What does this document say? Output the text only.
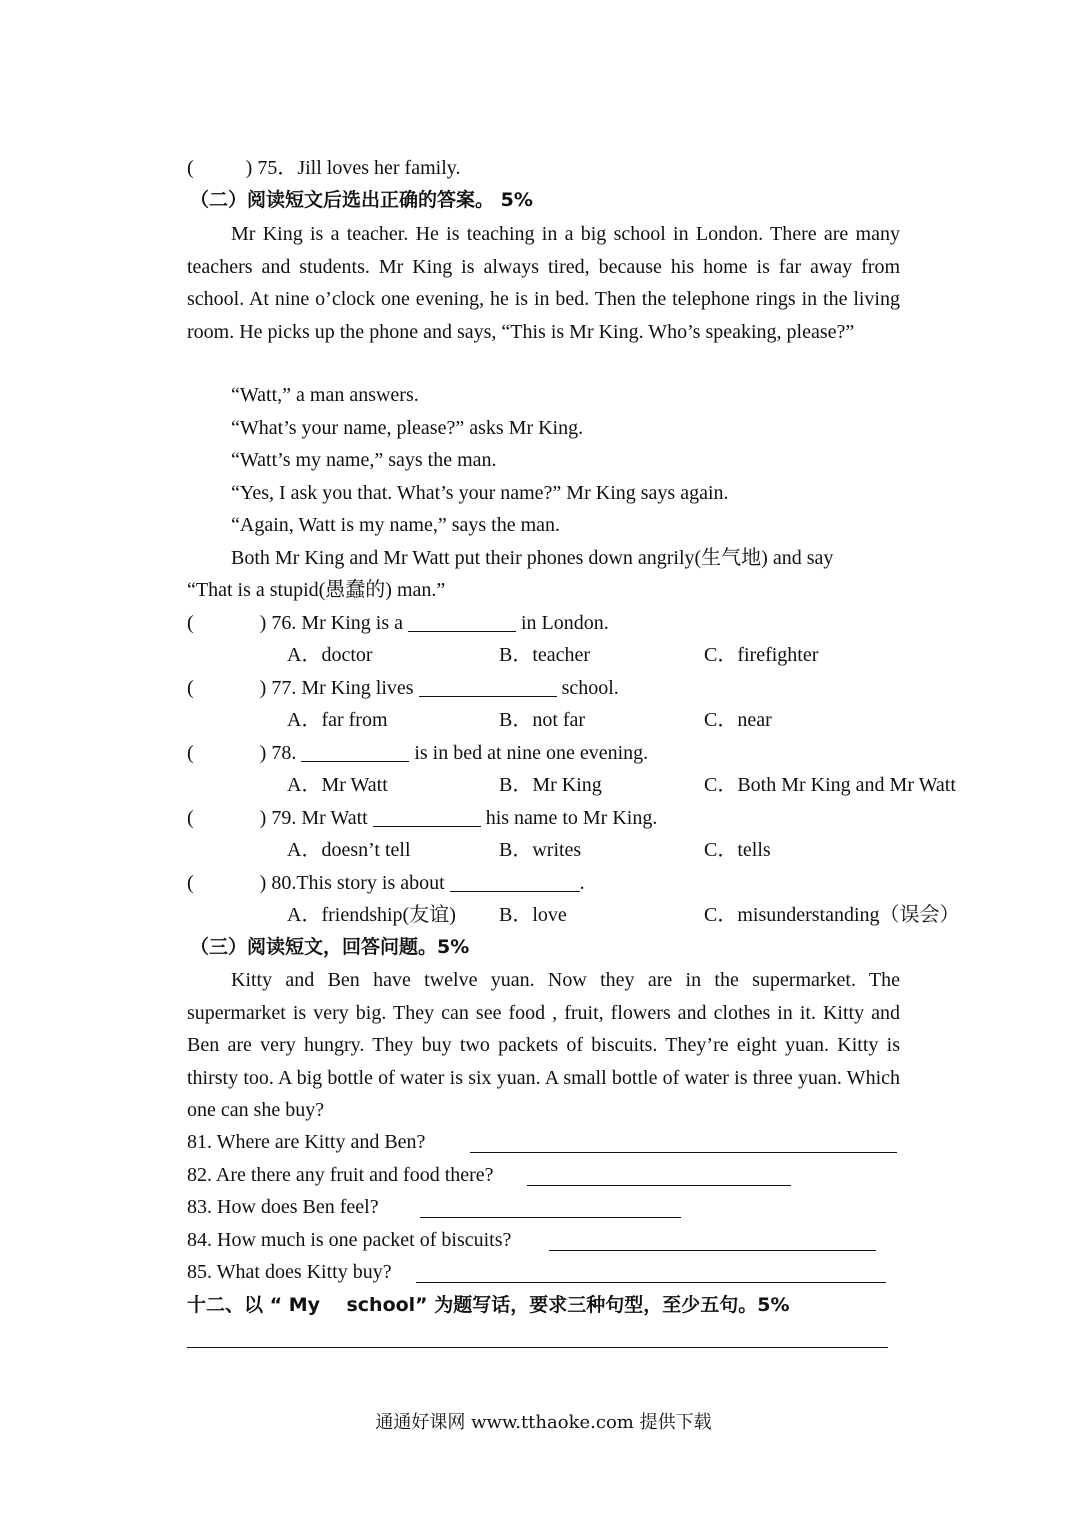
(	) 75．Jill loves her family.
（二）阅读短文后选出正确的答案。 5%
Mr King is a teacher. He is teaching in a big school in London. There are many teachers and students. Mr King is always tired, because his home is far away from school. At nine o’clock one evening, he is in bed. Then the telephone rings in the living room. He picks up the phone and says, “This is Mr King. Who’s speaking, please?”
“Watt,” a man answers.
“What’s your name, please?” asks Mr King.
“Watt’s my name,” says the man.
“Yes, I ask you that. What’s your name?” Mr King says again.
“Again, Watt is my name,” says the man.
Both Mr King and Mr Watt put their phones down angrily(生气地) and say
“That is a stupid(愚蠢的) man.”
(	) 76. Mr King is a	in London.
A．doctor	B．teacher	C．firefighter
(	) 77. Mr King lives	school.
A．far from	B．not far	C．near
(	) 78.	is in bed at nine one evening.
A．Mr Watt	B．Mr King	C．Both Mr King and Mr Watt
(	) 79. Mr Watt	his name to Mr King.
A．doesn’t tell	B．writes	C．tells
(	) 80.This story is about	.
A．friendship(友谊) B．love	C．misunderstanding（误会）
（三）阅读短文，回答问题。5%
Kitty and Ben have twelve yuan. Now they are in the supermarket. The supermarket is very big. They can see food , fruit, flowers and clothes in it. Kitty and Ben are very hungry. They buy two packets of biscuits. They’re eight yuan. Kitty is thirsty too. A big bottle of water is six yuan. A small bottle of water is three yuan. Which one can she buy?
81. Where are Kitty and Ben?
82. Are there any fruit and food there?
83. How does Ben feel?
84. How much is one packet of biscuits?
85. What does Kitty buy?
十二、以 “ My    school” 为题写话，要求三种句型，至少五句。5%
通通好课网 www.tthaoke.com 提供下载
